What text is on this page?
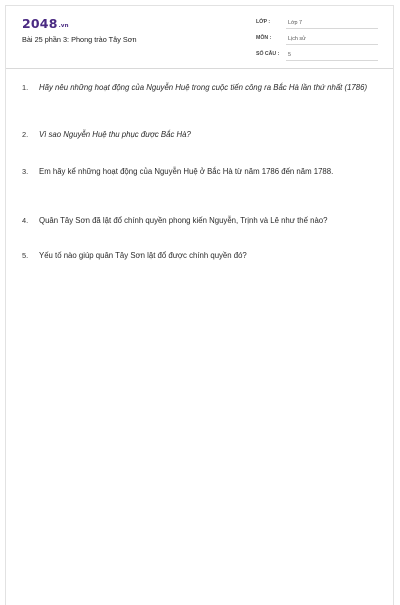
2048.vn
Bài 25 phần 3: Phong trào Tây Sơn
LỚP :	Lớp 7
MÔN :	Lịch sử
SỐ CÂU :	5
1. Hãy nêu những hoạt động của Nguyễn Huệ trong cuộc tiến công ra Bắc Hà lần thứ nhất (1786)
2. Vì sao Nguyễn Huệ thu phục được Bắc Hà?
3. Em hãy kể những hoạt động của Nguyễn Huệ ở Bắc Hà từ năm 1786 đến năm 1788.
4. Quân Tây Sơn đã lật đổ chính quyền phong kiến Nguyễn, Trịnh và Lê như thế nào?
5. Yếu tố nào giúp quân Tây Sơn lật đổ được chính quyền đó?
